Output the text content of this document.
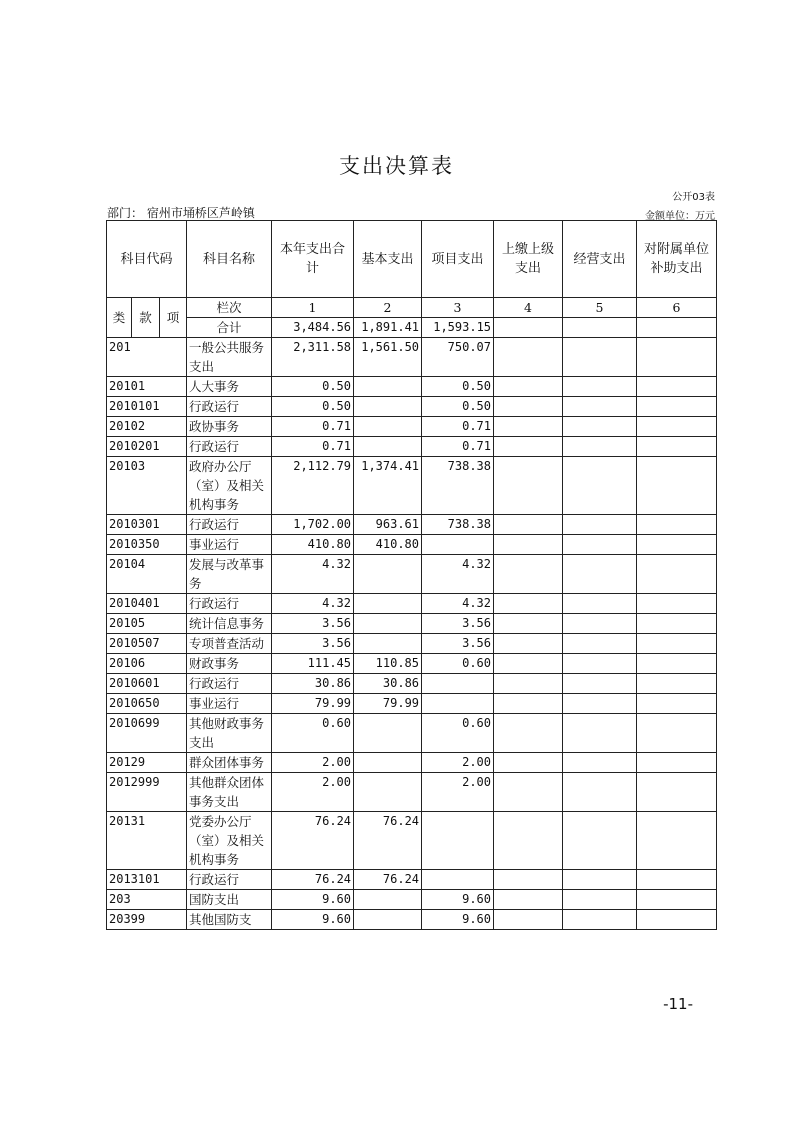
支出决算表
公开03表
部门： 宿州市埇桥区芦岭镇	金额单位：万元
科目代码			科目名称	本年支出合计	基本支出	项目支出	上缴上级支出	经营支出	对附属单位补助支出
类	款	项	栏次	1	2	3	4	5	6
			合计	3,484.56	1,891.41	1,593.15			
201			一般公共服务支出	2,311.58	1,561.50	750.07			
20101			人大事务	0.50		0.50			
2010101			行政运行	0.50		0.50			
20102			政协事务	0.71		0.71			
2010201			行政运行	0.71		0.71			
20103			政府办公厅（室）及相关机构事务	2,112.79	1,374.41	738.38			
2010301			行政运行	1,702.00	963.61	738.38			
2010350			事业运行	410.80	410.80				
20104			发展与改革事务	4.32		4.32			
2010401			行政运行	4.32		4.32			
20105			统计信息事务	3.56		3.56			
2010507			专项普查活动	3.56		3.56			
20106			财政事务	111.45	110.85	0.60			
2010601			行政运行	30.86	30.86				
2010650			事业运行	79.99	79.99				
2010699			其他财政事务支出	0.60		0.60			
20129			群众团体事务	2.00		2.00			
2012999			其他群众团体事务支出	2.00		2.00			
20131			党委办公厅（室）及相关机构事务	76.24	76.24				
2013101			行政运行	76.24	76.24				
203			国防支出	9.60		9.60			
20399			其他国防支	9.60		9.60			
-11-
